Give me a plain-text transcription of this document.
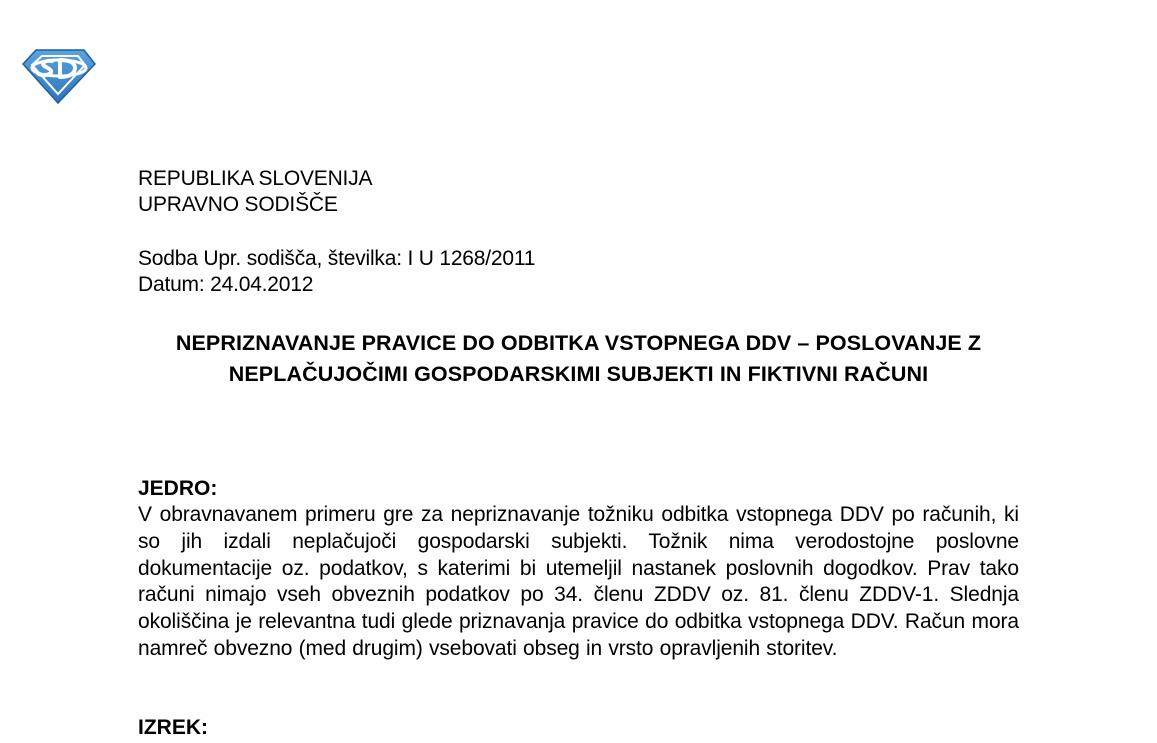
REPUBLIKA SLOVENIJA
UPRAVNO SODIŠČE
Sodba Upr. sodišča, številka: I U 1268/2011
Datum: 24.04.2012
NEPRIZNAVANJE PRAVICE DO ODBITKA VSTOPNEGA DDV – POSLOVANJE Z NEPLAČUJOČIMI GOSPODARSKIMI SUBJEKTI IN FIKTIVNI RAČUNI
JEDRO:
V obravnavanem primeru gre za nepriznavanje tožniku odbitka vstopnega DDV po računih, ki so jih izdali neplačujoči gospodarski subjekti. Tožnik nima verodostojne poslovne dokumentacije oz. podatkov, s katerimi bi utemeljil nastanek poslovnih dogodkov. Prav tako računi nimajo vseh obveznih podatkov po 34. členu ZDDV oz. 81. členu ZDDV-1. Slednja okoliščina je relevantna tudi glede priznavanja pravice do odbitka vstopnega DDV. Račun mora namreč obvezno (med drugim) vsebovati obseg in vrsto opravljenih storitev.
IZREK:
